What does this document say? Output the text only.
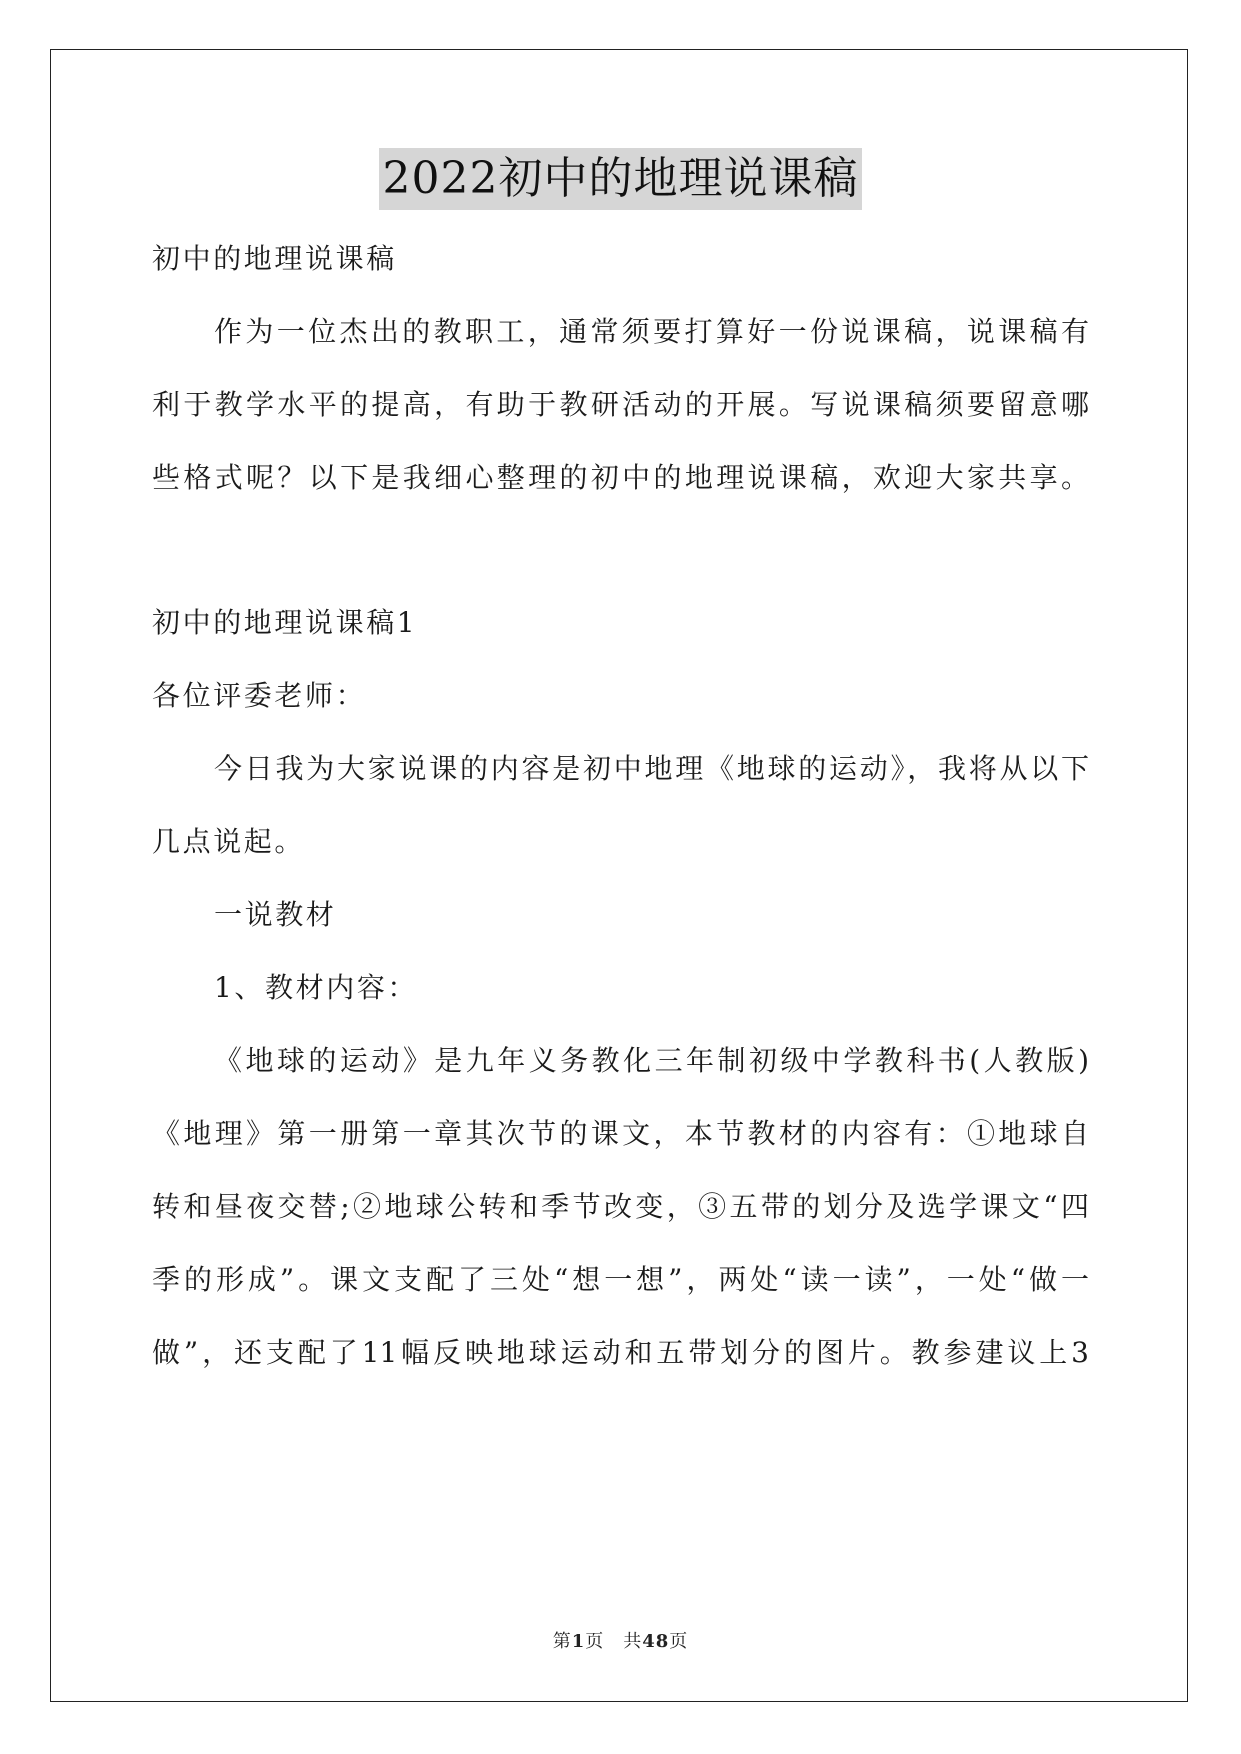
2022初中的地理说课稿
初中的地理说课稿
作为一位杰出的教职工，通常须要打算好一份说课稿，说课稿有
利于教学水平的提高，有助于教研活动的开展。写说课稿须要留意哪
些格式呢？以下是我细心整理的初中的地理说课稿，欢迎大家共享。
初中的地理说课稿1
各位评委老师：
今日我为大家说课的内容是初中地理《地球的运动》，我将从以下
几点说起。
一说教材
1、教材内容：
《地球的运动》是九年义务教化三年制初级中学教科书(人教版)
《地理》第一册第一章其次节的课文，本节教材的内容有：①地球自
转和昼夜交替;②地球公转和季节改变，③五带的划分及选学课文“四
季的形成”。课文支配了三处“想一想”，两处“读一读”，一处“做一
做”，还支配了11幅反映地球运动和五带划分的图片。教参建议上3
第1页　共48页
